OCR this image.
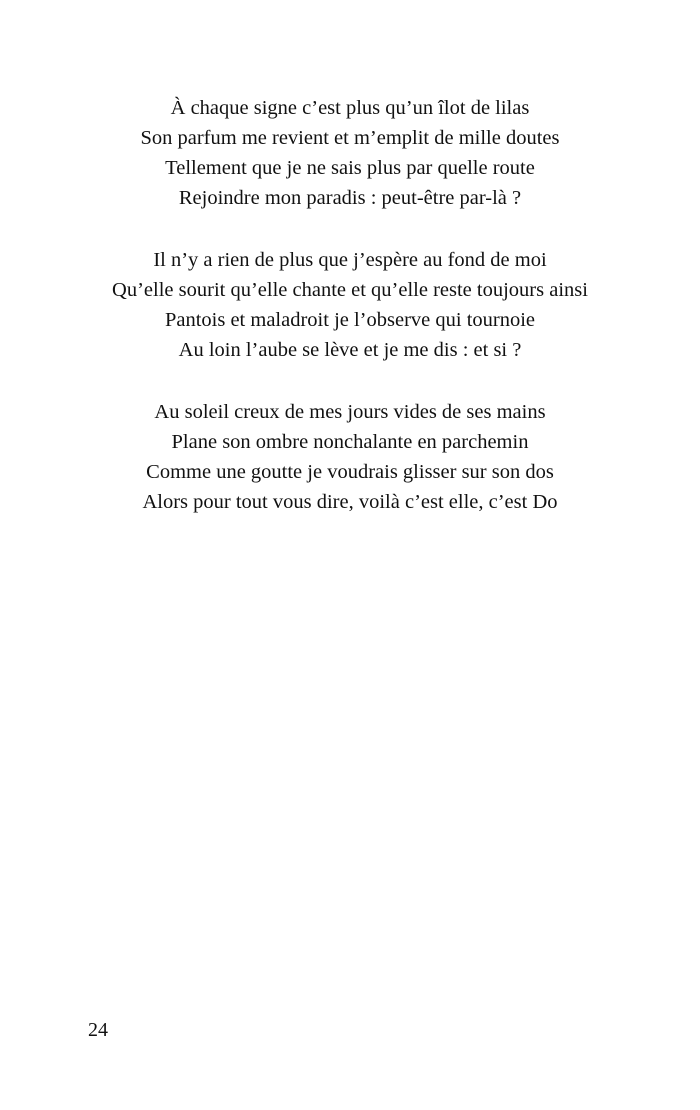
À chaque signe c’est plus qu’un îlot de lilas
Son parfum me revient et m’emplit de mille doutes
Tellement que je ne sais plus par quelle route
Rejoindre mon paradis : peut-être par-là ?
Il n’y a rien de plus que j’espère au fond de moi
Qu’elle sourit qu’elle chante et qu’elle reste toujours ainsi
Pantois et maladroit je l’observe qui tournoie
Au loin l’aube se lève et je me dis : et si ?
Au soleil creux de mes jours vides de ses mains
Plane son ombre nonchalante en parchemin
Comme une goutte je voudrais glisser sur son dos
Alors pour tout vous dire, voilà c’est elle, c’est Do
24
